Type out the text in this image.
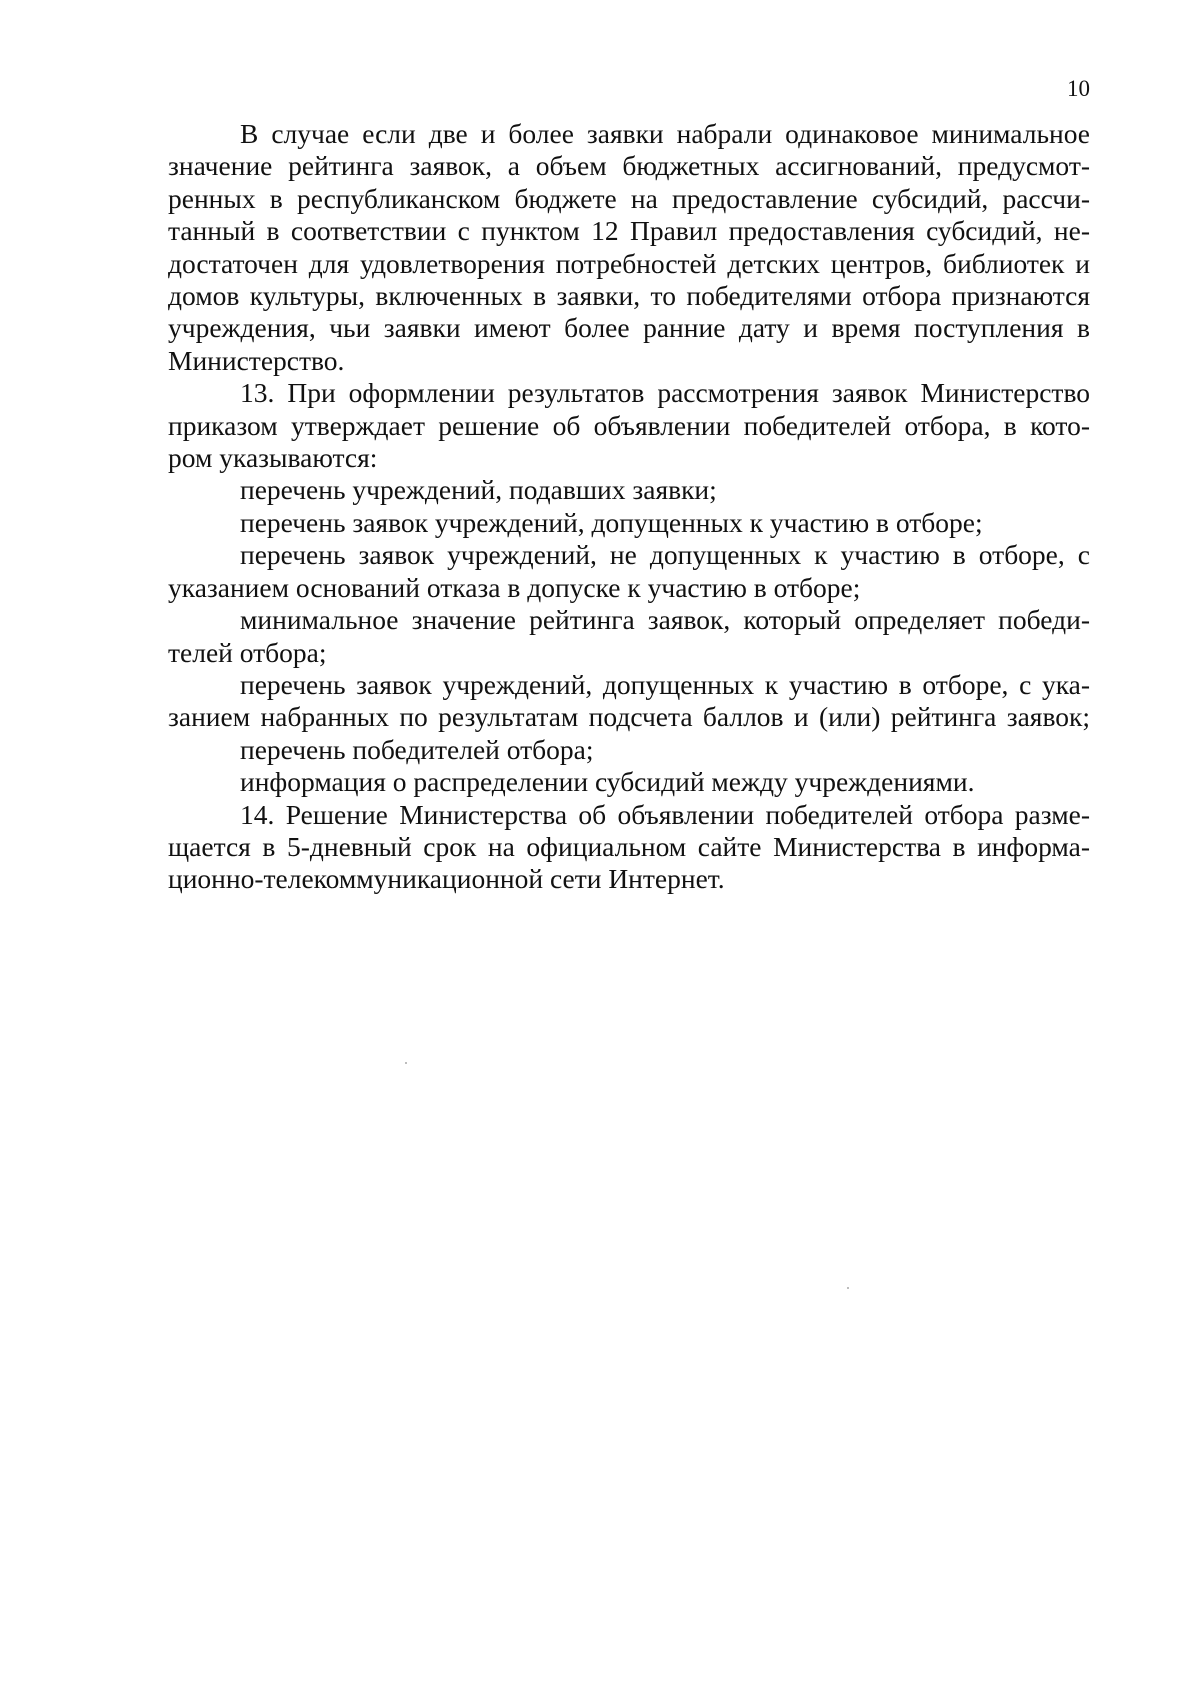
10
В случае если две и более заявки набрали одинаковое минимальное
значение рейтинга заявок, а объем бюджетных ассигнований, предусмот-
ренных в республиканском бюджете на предоставление субсидий, рассчи-
танный в соответствии с пунктом 12 Правил предоставления субсидий, не-
достаточен для удовлетворения потребностей детских центров, библиотек и
домов культуры, включенных в заявки, то победителями отбора признаются
учреждения, чьи заявки имеют более ранние дату и время поступления в
Министерство.
13. При оформлении результатов рассмотрения заявок Министерство
приказом утверждает решение об объявлении победителей отбора, в кото-
ром указываются:
перечень учреждений, подавших заявки;
перечень заявок учреждений, допущенных к участию в отборе;
перечень заявок учреждений, не допущенных к участию в отборе, с
указанием оснований отказа в допуске к участию в отборе;
минимальное значение рейтинга заявок, который определяет победи-
телей отбора;
перечень заявок учреждений, допущенных к участию в отборе, с ука-
занием набранных по результатам подсчета баллов и (или) рейтинга заявок;
перечень победителей отбора;
информация о распределении субсидий между учреждениями.
14. Решение Министерства об объявлении победителей отбора разме-
щается в 5-дневный срок на официальном сайте Министерства в информа-
ционно-телекоммуникационной сети Интернет.
